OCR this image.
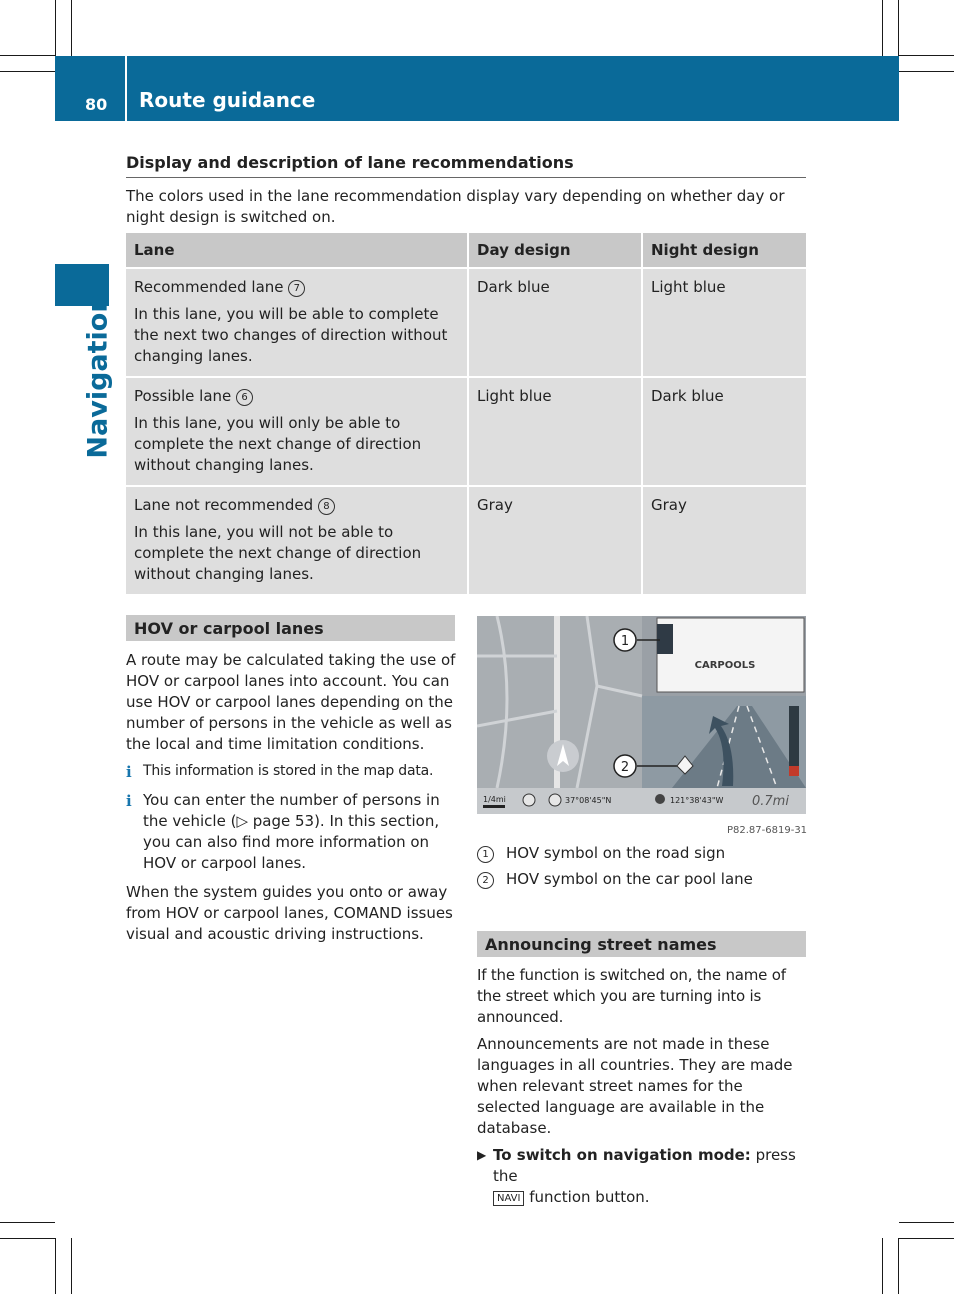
80 Route guidance
Navigation
Display and description of lane recommendations
The colors used in the lane recommendation display vary depending on whether day or night design is switched on.
Lane	Day design	Night design

Recommended lane 7

In this lane, you will be able to complete the next two changes of direction without changing lanes.	Dark blue	Light blue

Possible lane 6

In this lane, you will only be able to complete the next change of direction without changing lanes.	Light blue	Dark blue

Lane not recommended 8

In this lane, you will not be able to complete the next change of direction without changing lanes.	Gray	Gray
HOV or carpool lanes

A route may be calculated taking the use of HOV or carpool lanes into account. You can use HOV or carpool lanes depending on the number of persons in the vehicle as well as the local and time limitation conditions.

i This information is stored in the map data.
i You can enter the number of persons in the vehicle (▷ page 53). In this section, you can also find more information on HOV or carpool lanes.

When the system guides you onto or away from HOV or carpool lanes, COMAND issues visual and acoustic driving instructions.

CARPOOLS
1
2
1/4mi	37°08'45"N	121°38'43"W 0.7mi
P82.87-6819-31
1 HOV symbol on the road sign
2 HOV symbol on the car pool lane
Announcing street names

If the function is switched on, the name of the street which you are turning into is announced.

Announcements are not made in these languages in all countries. They are made when relevant street names for the selected language are available in the database.

▶ To switch on navigation mode: press the
NAVI function button.
